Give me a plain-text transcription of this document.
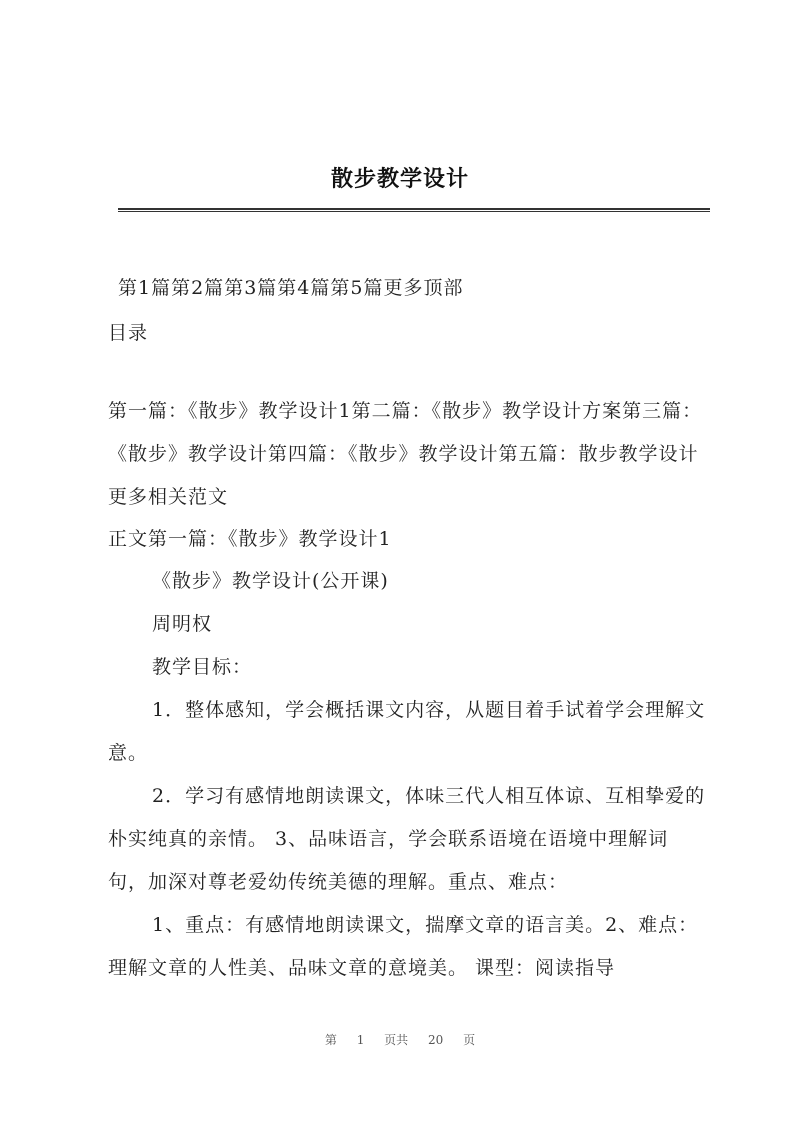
散步教学设计
第1篇第2篇第3篇第4篇第5篇更多顶部

目录

第一篇：《散步》教学设计1第二篇：《散步》教学设计方案第三篇：《散步》教学设计第四篇：《散步》教学设计第五篇：散步教学设计更多相关范文

正文第一篇：《散步》教学设计1

《散步》教学设计(公开课)

周明权

教学目标：

1．整体感知，学会概括课文内容，从题目着手试着学会理解文意。

2．学习有感情地朗读课文，体味三代人相互体谅、互相挚爱的朴实纯真的亲情。 3、品味语言，学会联系语境在语境中理解词句，加深对尊老爱幼传统美德的理解。重点、难点：

1、重点：有感情地朗读课文，揣摩文章的语言美。2、难点：理解文章的人性美、品味文章的意境美。 课型：阅读指导

第 1 页共 20 页
